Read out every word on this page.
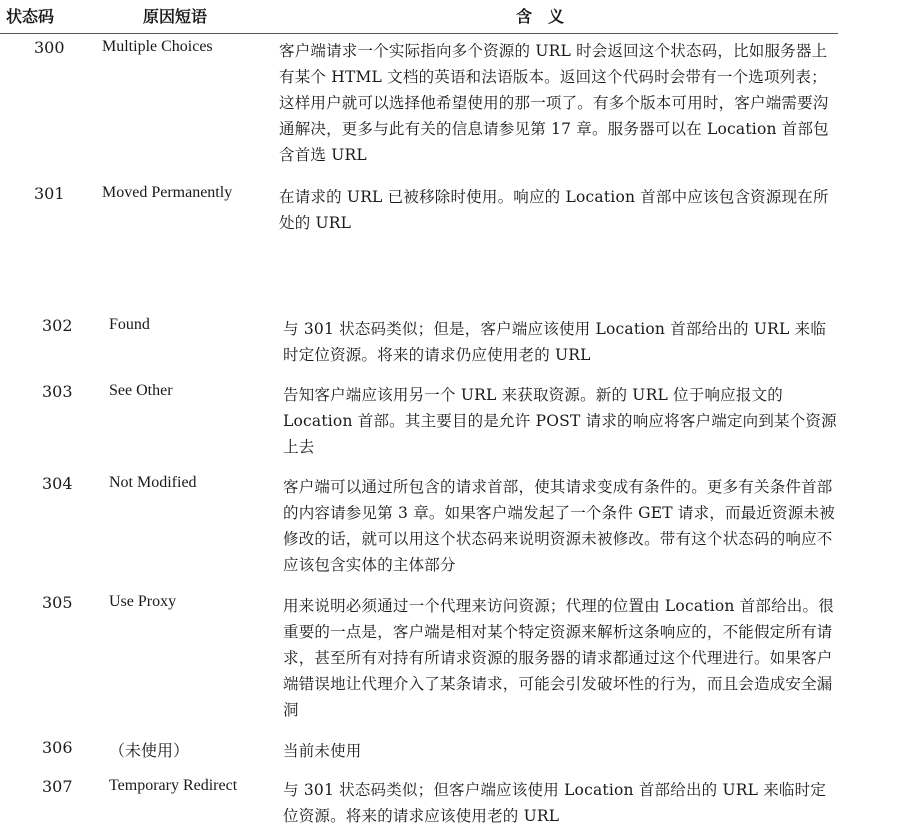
状态码	原因短语	含　义
300 Multiple Choices	客户端请求一个实际指向多个资源的 URL 时会返回这个状态码，比如服务器上有某个 HTML 文档的英语和法语版本。返回这个代码时会带有一个选项列表；这样用户就可以选择他希望使用的那一项了。有多个版本可用时，客户端需要沟通解决，更多与此有关的信息请参见第 17 章。服务器可以在 Location 首部包含首选 URL
301 Moved Permanently	在请求的 URL 已被移除时使用。响应的 Location 首部中应该包含资源现在所处的 URL
302 Found	与 301 状态码类似；但是，客户端应该使用 Location 首部给出的 URL 来临时定位资源。将来的请求仍应使用老的 URL
303 See Other	告知客户端应该用另一个 URL 来获取资源。新的 URL 位于响应报文的 Location 首部。其主要目的是允许 POST 请求的响应将客户端定向到某个资源上去
304 Not Modified	客户端可以通过所包含的请求首部，使其请求变成有条件的。更多有关条件首部的内容请参见第 3 章。如果客户端发起了一个条件 GET 请求，而最近资源未被修改的话，就可以用这个状态码来说明资源未被修改。带有这个状态码的响应不应该包含实体的主体部分
305 Use Proxy	用来说明必须通过一个代理来访问资源；代理的位置由 Location 首部给出。很重要的一点是，客户端是相对某个特定资源来解析这条响应的，不能假定所有请求，甚至所有对持有所请求资源的服务器的请求都通过这个代理进行。如果客户端错误地让代理介入了某条请求，可能会引发破坏性的行为，而且会造成安全漏洞
306 （未使用）	当前未使用
307 Temporary Redirect	与 301 状态码类似；但客户端应该使用 Location 首部给出的 URL 来临时定位资源。将来的请求应该使用老的 URL
